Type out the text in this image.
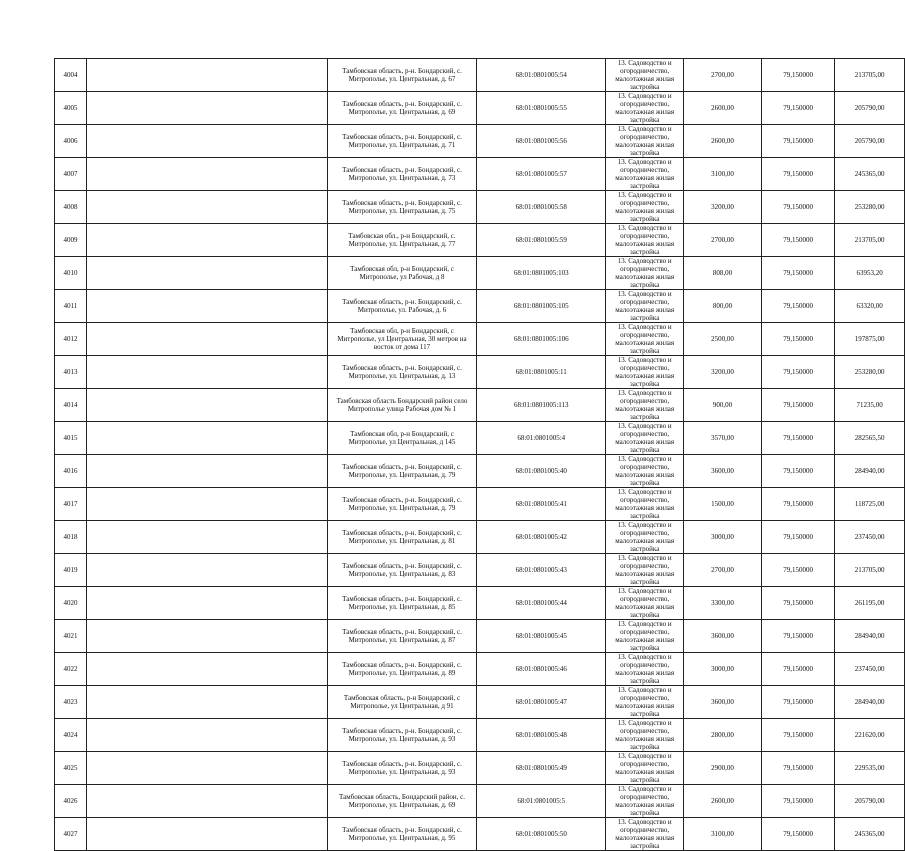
4004		Тамбовская область, р-н. Бондарский, с. Митрополье, ул. Центральная, д. 67	68:01:0801005:54	13. Садоводство и огородничество, малоэтажная жилая застройка	2700,00	79,150000	213705,00
4005		Тамбовская область, р-н. Бондарский, с. Митрополье, ул. Центральная, д. 69	68:01:0801005:55	13. Садоводство и огородничество, малоэтажная жилая застройка	2600,00	79,150000	205790,00
4006		Тамбовская область, р-н. Бондарский, с. Митрополье, ул. Центральная, д. 71	68:01:0801005:56	13. Садоводство и огородничество, малоэтажная жилая застройка	2600,00	79,150000	205790,00
4007		Тамбовская область, р-н. Бондарский, с. Митрополье, ул. Центральная, д. 73	68:01:0801005:57	13. Садоводство и огородничество, малоэтажная жилая застройка	3100,00	79,150000	245365,00
4008		Тамбовская область, р-н. Бондарский, с. Митрополье, ул. Центральная, д. 75	68:01:0801005:58	13. Садоводство и огородничество, малоэтажная жилая застройка	3200,00	79,150000	253280,00
4009		Тамбовская обл., р-н Бондарский, с. Митрополье, ул. Центральная, д. 77	68:01:0801005:59	13. Садоводство и огородничество, малоэтажная жилая застройка	2700,00	79,150000	213705,00
4010		Тамбовская обл, р-н Бондарский, с Митрополье, ул Рабочая, д 8	68:01:0801005:103	13. Садоводство и огородничество, малоэтажная жилая застройка	808,00	79,150000	63953,20
4011		Тамбовская область, р-н. Бондарский, с. Митрополье, ул. Рабочая, д. 6	68:01:0801005:105	13. Садоводство и огородничество, малоэтажная жилая застройка	800,00	79,150000	63320,00
4012		Тамбовская обл, р-н Бондарский, с Митрополье, ул Центральная, 30 метров на восток от дома 117	68:01:0801005:106	13. Садоводство и огородничество, малоэтажная жилая застройка	2500,00	79,150000	197875,00
4013		Тамбовская область, р-н. Бондарский, с. Митрополье, ул. Центральная, д. 13	68:01:0801005:11	13. Садоводство и огородничество, малоэтажная жилая застройка	3200,00	79,150000	253280,00
4014		Тамбовская область Бондарский район село Митрополье улица Рабочая дом № 1	68:01:0801005:113	13. Садоводство и огородничество, малоэтажная жилая застройка	900,00	79,150000	71235,00
4015		Тамбовская обл, р-н Бондарский, с Митрополье, ул Центральная, д 145	68:01:0801005:4	13. Садоводство и огородничество, малоэтажная жилая застройка	3570,00	79,150000	282565,50
4016		Тамбовская область, р-н. Бондарский, с. Митрополье, ул. Центральная, д. 79	68:01:0801005:40	13. Садоводство и огородничество, малоэтажная жилая застройка	3600,00	79,150000	284940,00
4017		Тамбовская область, р-н. Бондарский, с. Митрополье, ул. Центральная, д. 79	68:01:0801005:41	13. Садоводство и огородничество, малоэтажная жилая застройка	1500,00	79,150000	118725,00
4018		Тамбовская область, р-н. Бондарский, с. Митрополье, ул. Центральная, д. 81	68:01:0801005:42	13. Садоводство и огородничество, малоэтажная жилая застройка	3000,00	79,150000	237450,00
4019		Тамбовская область, р-н. Бондарский, с. Митрополье, ул. Центральная, д. 83	68:01:0801005:43	13. Садоводство и огородничество, малоэтажная жилая застройка	2700,00	79,150000	213705,00
4020		Тамбовская область, р-н. Бондарский, с. Митрополье, ул. Центральная, д. 85	68:01:0801005:44	13. Садоводство и огородничество, малоэтажная жилая застройка	3300,00	79,150000	261195,00
4021		Тамбовская область, р-н. Бондарский, с. Митрополье, ул. Центральная, д. 87	68:01:0801005:45	13. Садоводство и огородничество, малоэтажная жилая застройка	3600,00	79,150000	284940,00
4022		Тамбовская область, р-н. Бондарский, с. Митрополье, ул. Центральная, д. 89	68:01:0801005:46	13. Садоводство и огородничество, малоэтажная жилая застройка	3000,00	79,150000	237450,00
4023		Тамбовская область, р-н Бондарский, с Митрополье, ул Центральная, д 91	68:01:0801005:47	13. Садоводство и огородничество, малоэтажная жилая застройка	3600,00	79,150000	284940,00
4024		Тамбовская область, р-н. Бондарский, с. Митрополье, ул. Центральная, д. 93	68:01:0801005:48	13. Садоводство и огородничество, малоэтажная жилая застройка	2800,00	79,150000	221620,00
4025		Тамбовская область, р-н. Бондарский, с. Митрополье, ул. Центральная, д. 93	68:01:0801005:49	13. Садоводство и огородничество, малоэтажная жилая застройка	2900,00	79,150000	229535,00
4026		Тамбовская область, Бондарский район, с. Митрополье, ул. Центральная, д. 69	68:01:0801005:5	13. Садоводство и огородничество, малоэтажная жилая застройка	2600,00	79,150000	205790,00
4027		Тамбовская область, р-н. Бондарский, с. Митрополье, ул. Центральная, д. 95	68:01:0801005:50	13. Садоводство и огородничество, малоэтажная жилая застройка	3100,00	79,150000	245365,00
